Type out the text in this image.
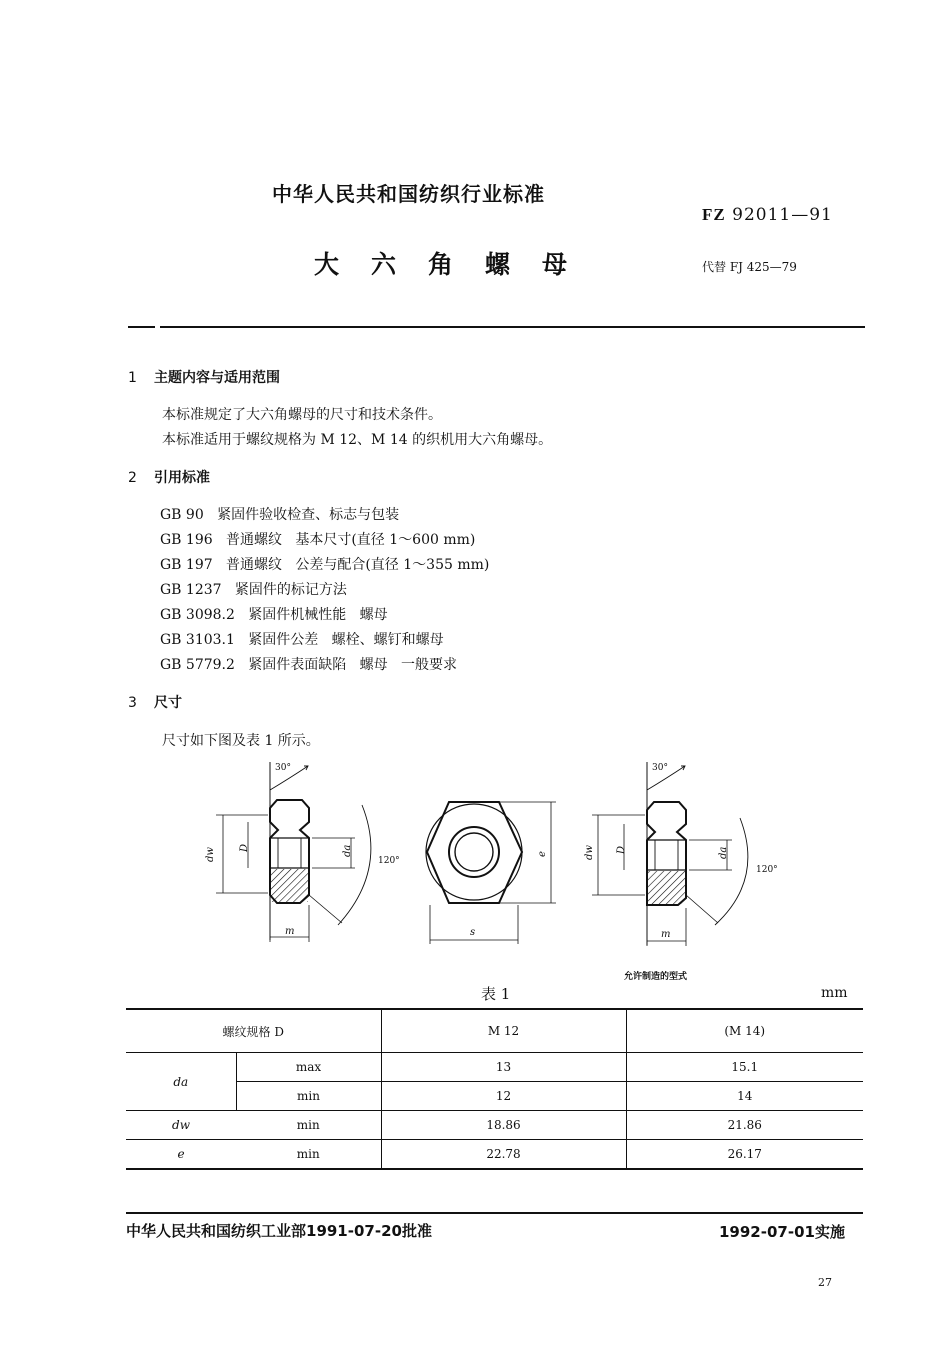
中华人民共和国纺织行业标准
FZ 92011—91
大六角螺母	代替 FJ 425—79
1 主题内容与适用范围
本标准规定了大六角螺母的尺寸和技术条件。
本标准适用于螺纹规格为 M 12、M 14 的织机用大六角螺母。
2 引用标准
GB 90   紧固件验收检查、标志与包装
GB 196   普通螺纹   基本尺寸(直径 1～600 mm)
GB 197   普通螺纹   公差与配合(直径 1～355 mm)
GB 1237   紧固件的标记方法
GB 3098.2   紧固件机械性能   螺母
GB 3103.1   紧固件公差   螺栓、螺钉和螺母
GB 5779.2   紧固件表面缺陷   螺母   一般要求
3 尺寸
尺寸如下图及表 1 所示。
30°
dw D	da
m
120°
s
e
30°
dw D	da
m
120°
允许制造的型式
表 1	mm
螺纹规格 D		M 12	(M 14)
da	max	13	15.1
	min	12	14
dw	min	18.86	21.86
e	min	22.78	26.17
中华人民共和国纺织工业部1991-07-20批准	1992-07-01实施
27
